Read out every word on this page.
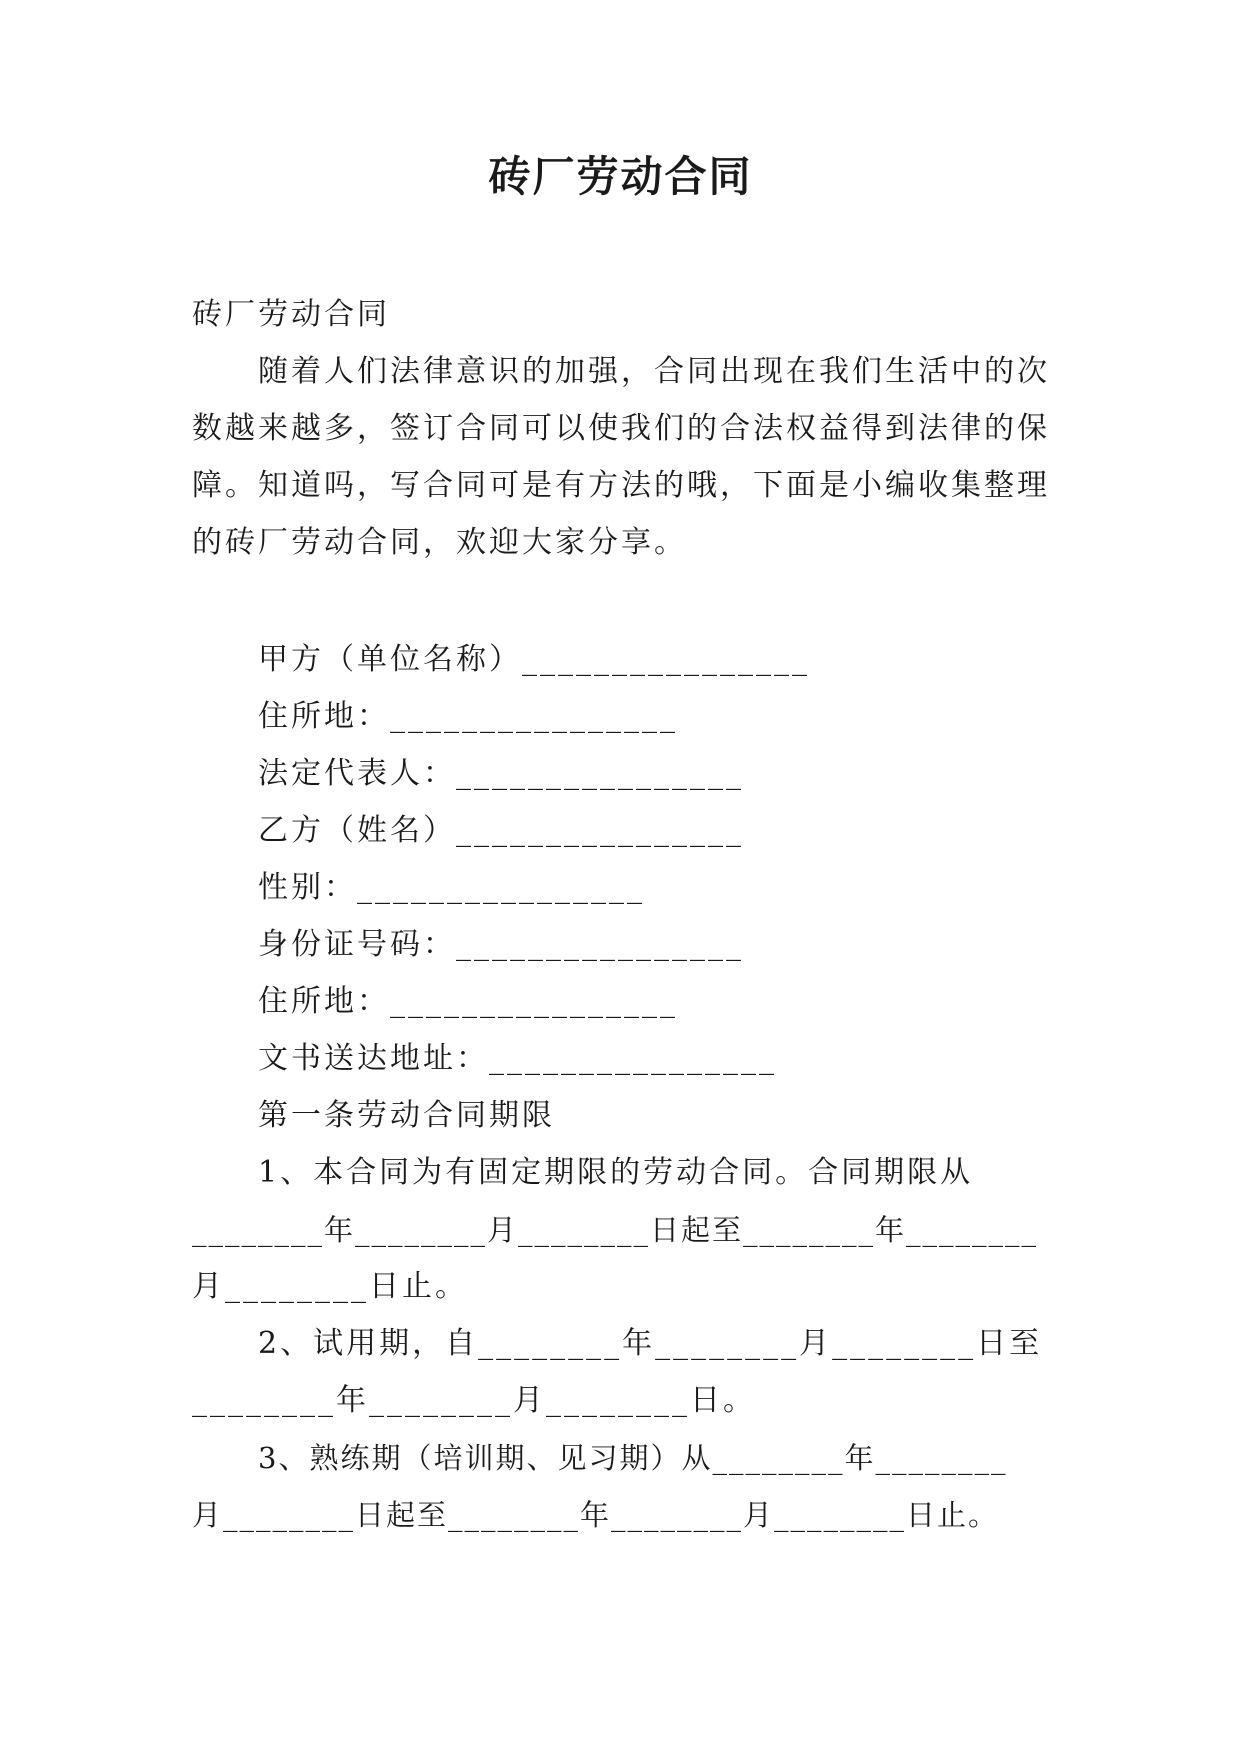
砖厂劳动合同
砖厂劳动合同
随着人们法律意识的加强，合同出现在我们生活中的次
数越来越多，签订合同可以使我们的合法权益得到法律的保
障。知道吗，写合同可是有方法的哦，下面是小编收集整理
的砖厂劳动合同，欢迎大家分享。
甲方（单位名称）________________
住所地：________________
法定代表人：________________
乙方（姓名）________________
性别：________________
身份证号码：________________
住所地：________________
文书送达地址：________________
第一条劳动合同期限
1、本合同为有固定期限的劳动合同。合同期限从
________年________月________日起至________年________
月________日止。
2、试用期，自________年________月________日至
________年________月________日。
3、熟练期（培训期、见习期）从________年________
月________日起至________年________月________日止。
